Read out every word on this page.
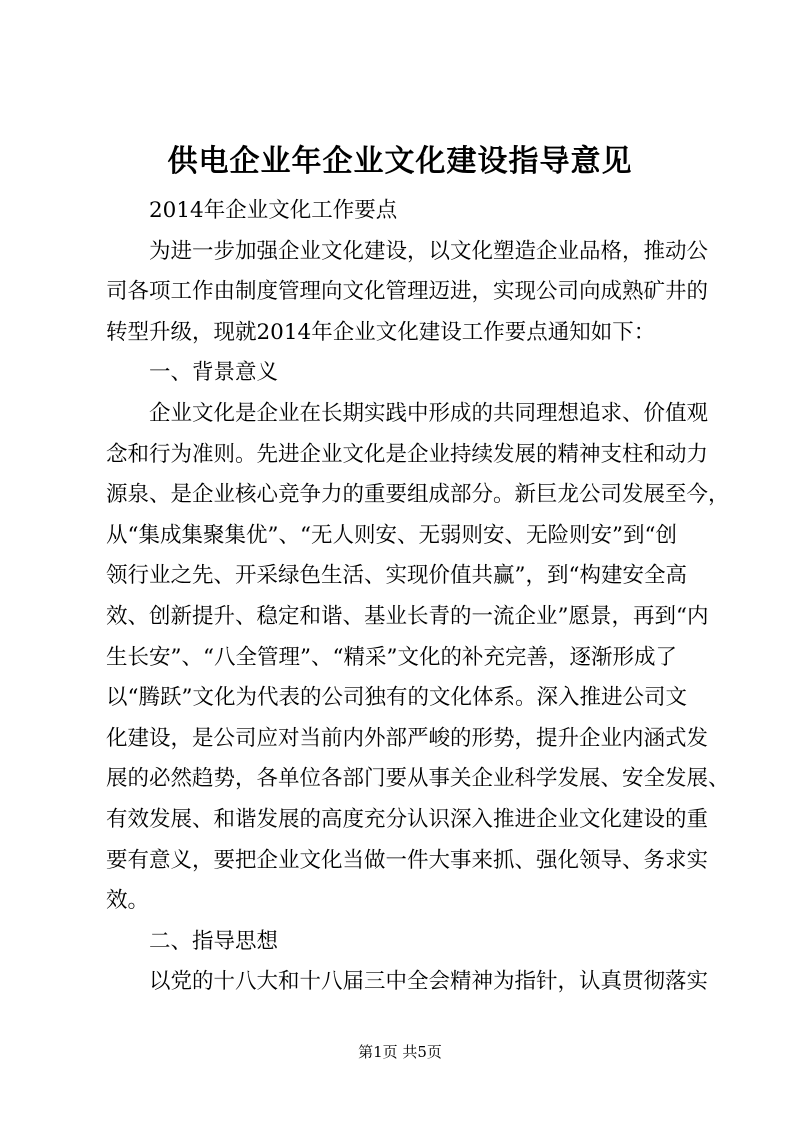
供电企业年企业文化建设指导意见
2014年企业文化工作要点
为进一步加强企业文化建设，以文化塑造企业品格，推动公
司各项工作由制度管理向文化管理迈进，实现公司向成熟矿井的
转型升级，现就2014年企业文化建设工作要点通知如下：
一、背景意义
企业文化是企业在长期实践中形成的共同理想追求、价值观
念和行为准则。先进企业文化是企业持续发展的精神支柱和动力
源泉、是企业核心竞争力的重要组成部分。新巨龙公司发展至今，
从“集成集聚集优”、“无人则安、无弱则安、无险则安”到“创
领行业之先、开采绿色生活、实现价值共赢”，到“构建安全高
效、创新提升、稳定和谐、基业长青的一流企业”愿景，再到“内
生长安”、“八全管理”、“精采”文化的补充完善，逐渐形成了
以“腾跃”文化为代表的公司独有的文化体系。深入推进公司文
化建设，是公司应对当前内外部严峻的形势，提升企业内涵式发
展的必然趋势，各单位各部门要从事关企业科学发展、安全发展、
有效发展、和谐发展的高度充分认识深入推进企业文化建设的重
要有意义，要把企业文化当做一件大事来抓、强化领导、务求实
效。
二、指导思想
以党的十八大和十八届三中全会精神为指针，认真贯彻落实
第1页 共5页
